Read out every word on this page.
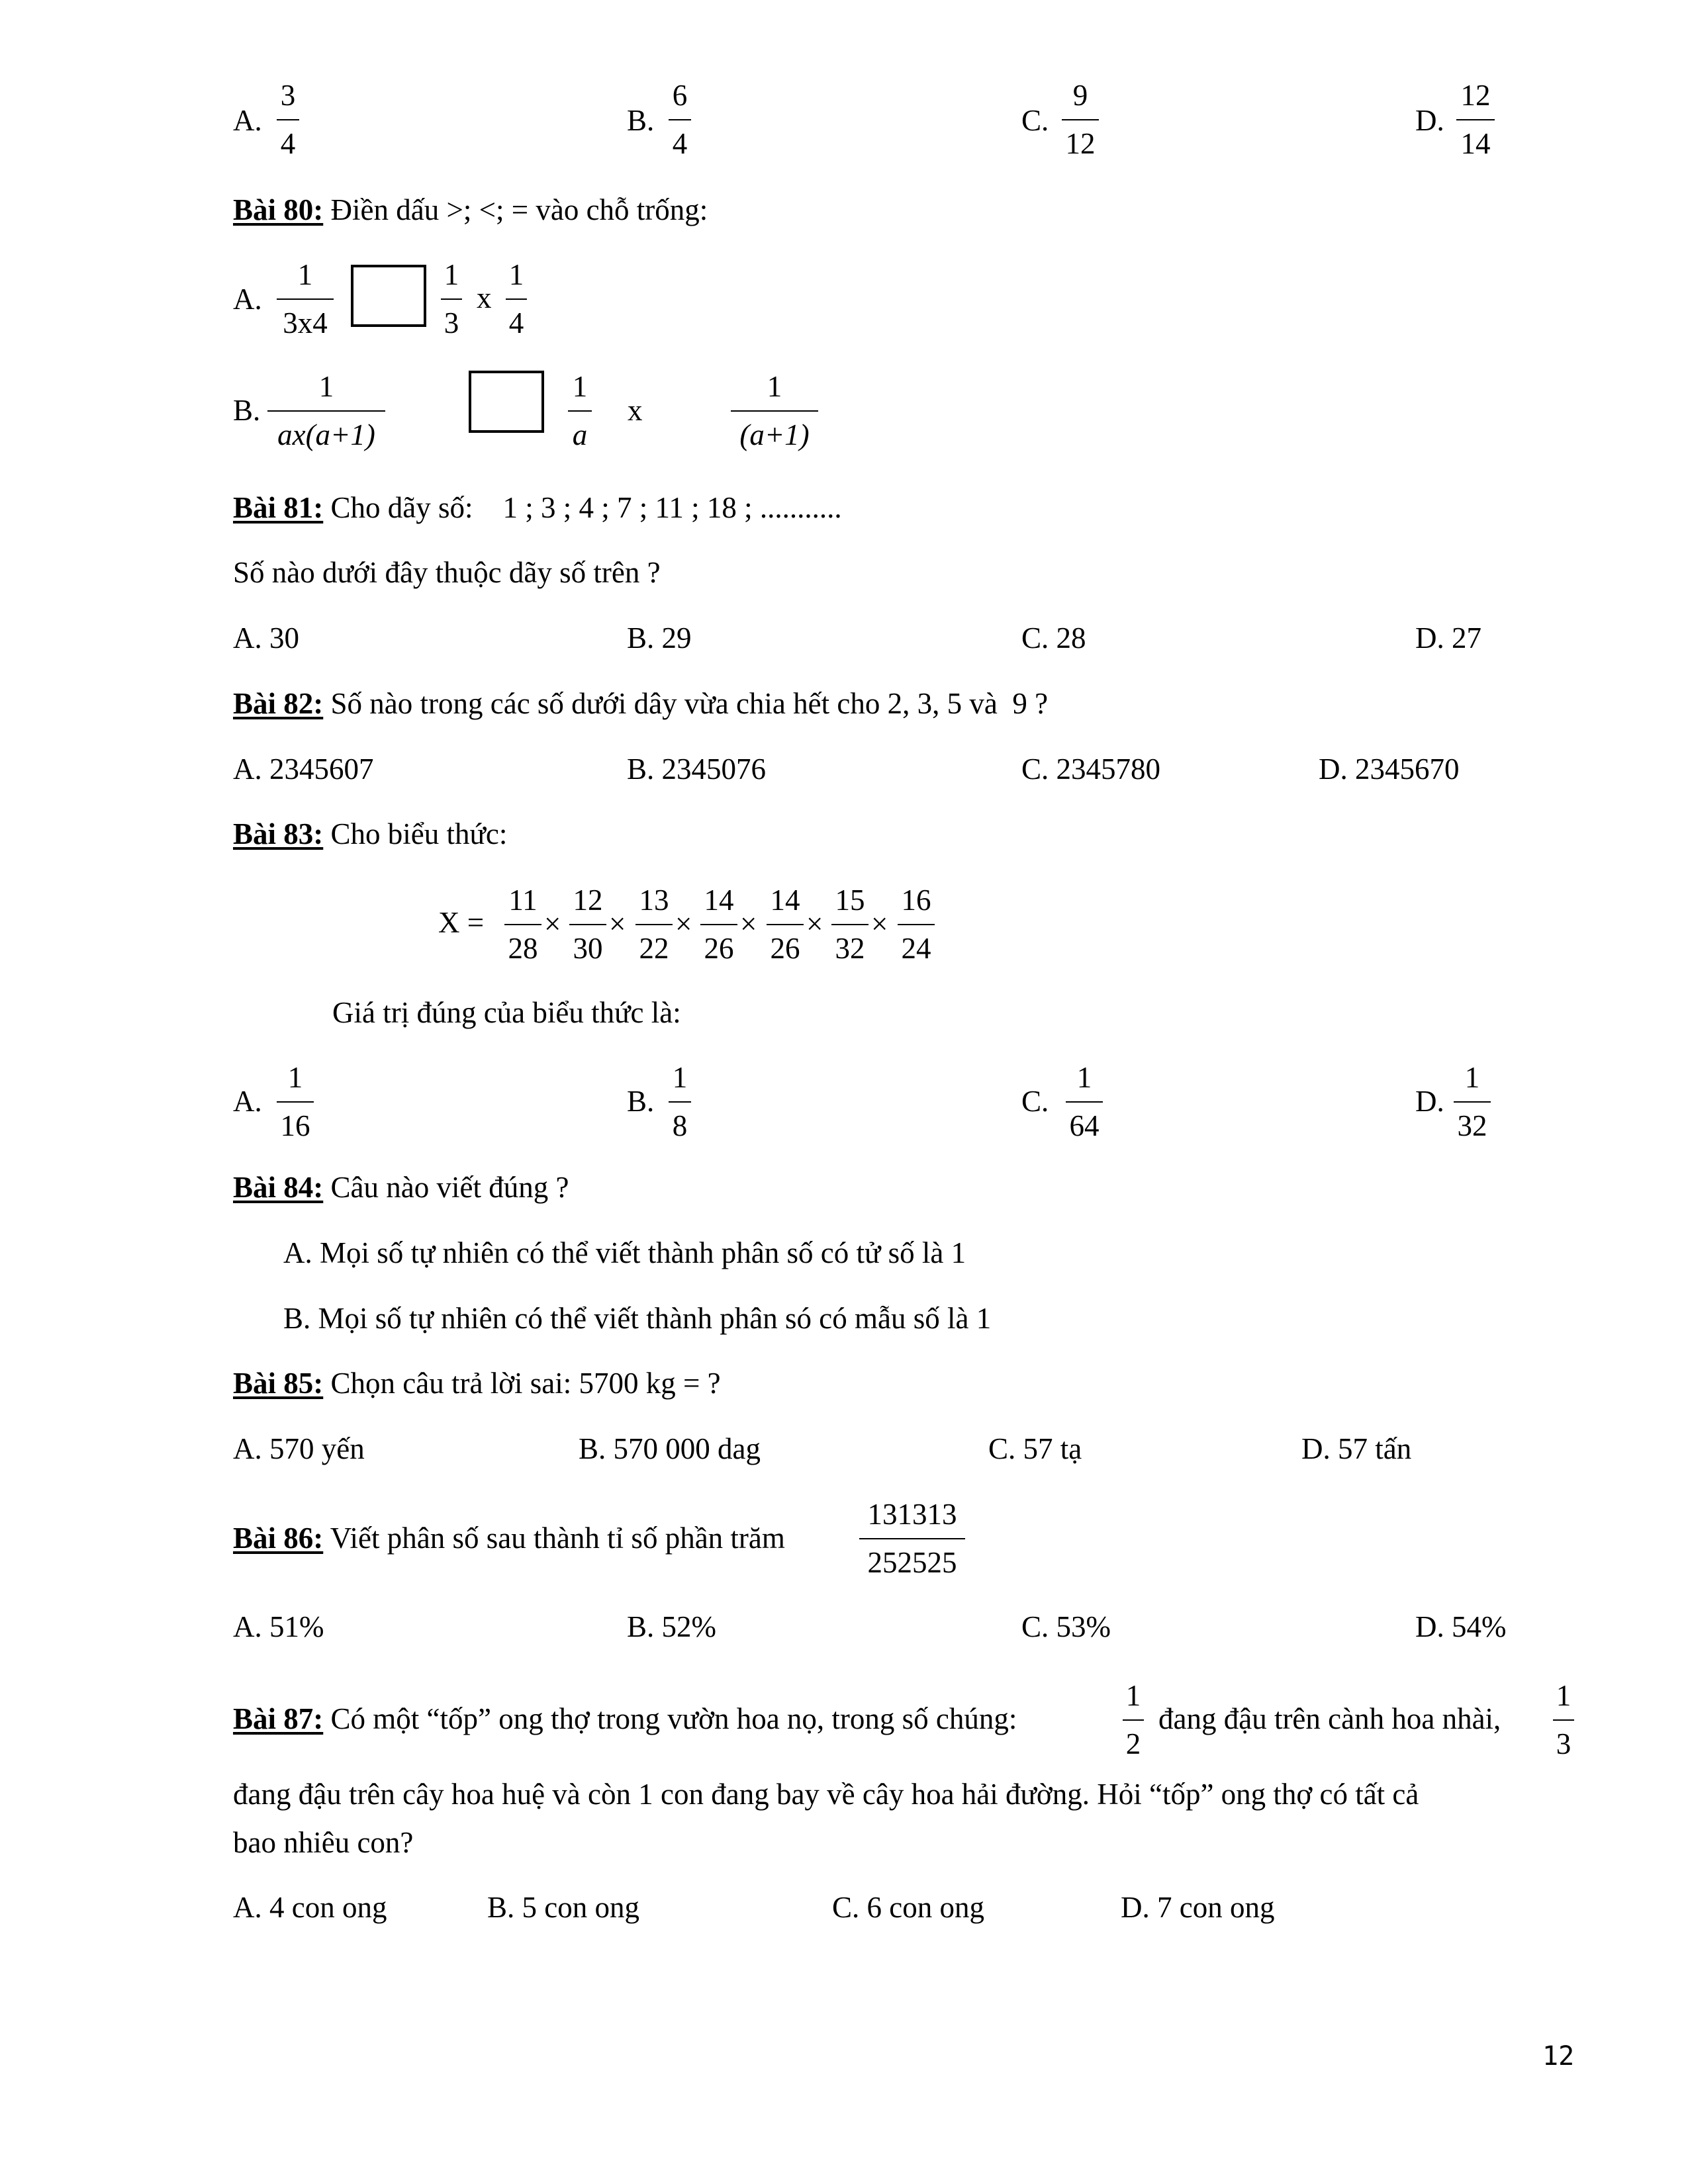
A.
3
4
B.
6
4
C.
9
12
D.
12
14
Bài 80: Điền dấu >; <; = vào chỗ trống:
A.
1
3x4
1
3
x
1
4
B.
1
ax(a+1)
1
a
x
1
(a+1)
Bài 81: Cho dãy số:    1 ; 3 ; 4 ; 7 ; 11 ; 18 ; ...........
Số nào dưới đây thuộc dãy số trên ?
A. 30	B. 29	C. 28	D. 27
Bài 82: Số nào trong các số dưới dây vừa chia hết cho 2, 3, 5 và  9 ?
A. 2345607	B. 2345076	C. 2345780	D. 2345670
Bài 83: Cho biểu thức:
X =
11
28
×
12
30
×
13
22
×
14
26
×
14
26
×
15
32
×
16
24
Giá trị đúng của biểu thức là:
A.
1
16
B.
1
8
C.
1
64
D.
1
32
Bài 84: Câu nào viết đúng ?
A. Mọi số tự nhiên có thể viết thành phân số có tử số là 1
B. Mọi số tự nhiên có thể viết thành phân só có mẫu số là 1
Bài 85: Chọn câu trả lời sai: 5700 kg = ?
A. 570 yến	B. 570 000 dag	C. 57 tạ	D. 57 tấn
Bài 86: Viết phân số sau thành tỉ số phần trăm
131313
252525
A. 51%	B. 52%	C. 53%	D. 54%
Bài 87: Có một “tốp” ong thợ trong vườn hoa nọ, trong số chúng:
1
2
đang đậu trên cành hoa nhài,
1
3
đang đậu trên cây hoa huệ và còn 1 con đang bay về cây hoa hải đường. Hỏi “tốp” ong thợ có tất cả
bao nhiêu con?
A. 4 con ong	B. 5 con ong	C. 6 con ong	D. 7 con ong
12
